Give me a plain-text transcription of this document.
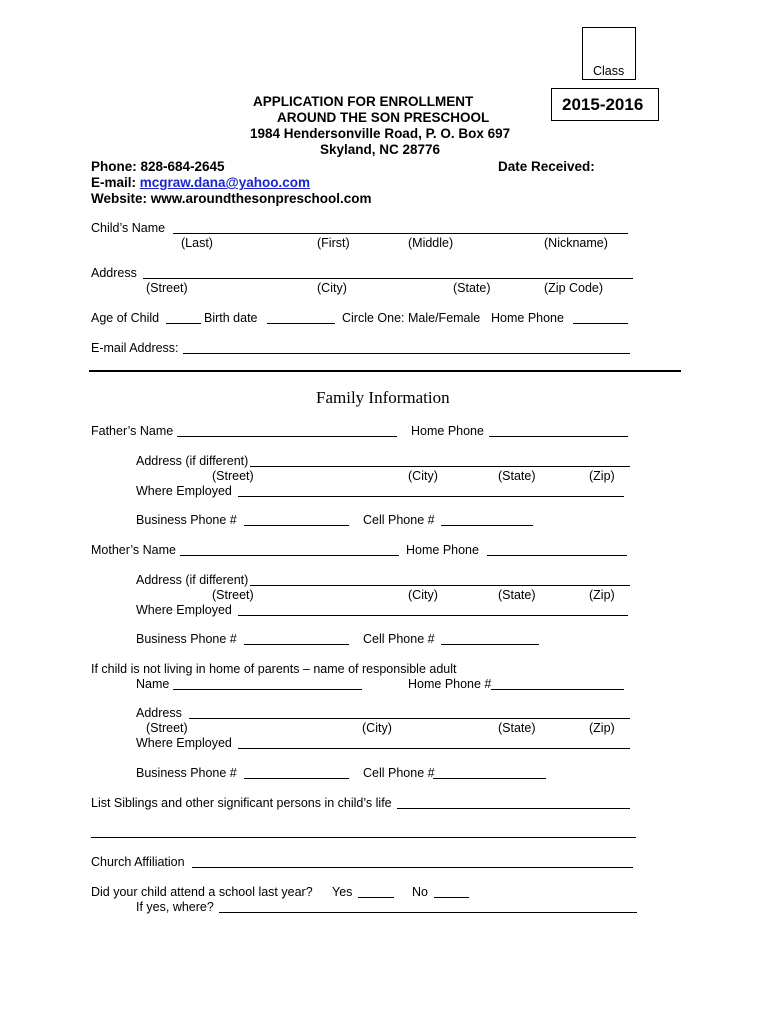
Class
2015-2016
APPLICATION FOR ENROLLMENT
AROUND THE SON PRESCHOOL
1984 Hendersonville Road, P. O. Box 697
Skyland, NC 28776
Phone: 828-684-2645	Date Received:
E-mail: mcgraw.dana@yahoo.com
Website: www.aroundthesonpreschool.com
Child’s Name
(Last)	(First)	(Middle)	(Nickname)
Address
(Street)	(City)	(State)	(Zip Code)
Age of Child	Birth date	Circle One: Male/Female Home Phone
E-mail Address:
Family Information
Father’s Name	Home Phone
Address (if different)
(Street)	(City)	(State)	(Zip)
Where Employed
Business Phone #	Cell Phone #
Mother’s Name	Home Phone
Address (if different)
(Street)	(City)	(State)	(Zip)
Where Employed
Business Phone #	Cell Phone #
If child is not living in home of parents – name of responsible adult
Name	Home Phone #
Address
(Street)	(City)	(State)	(Zip)
Where Employed
Business Phone #	Cell Phone #
List Siblings and other significant persons in child’s life
Church Affiliation
Did your child attend a school last year? Yes	No
If yes, where?
